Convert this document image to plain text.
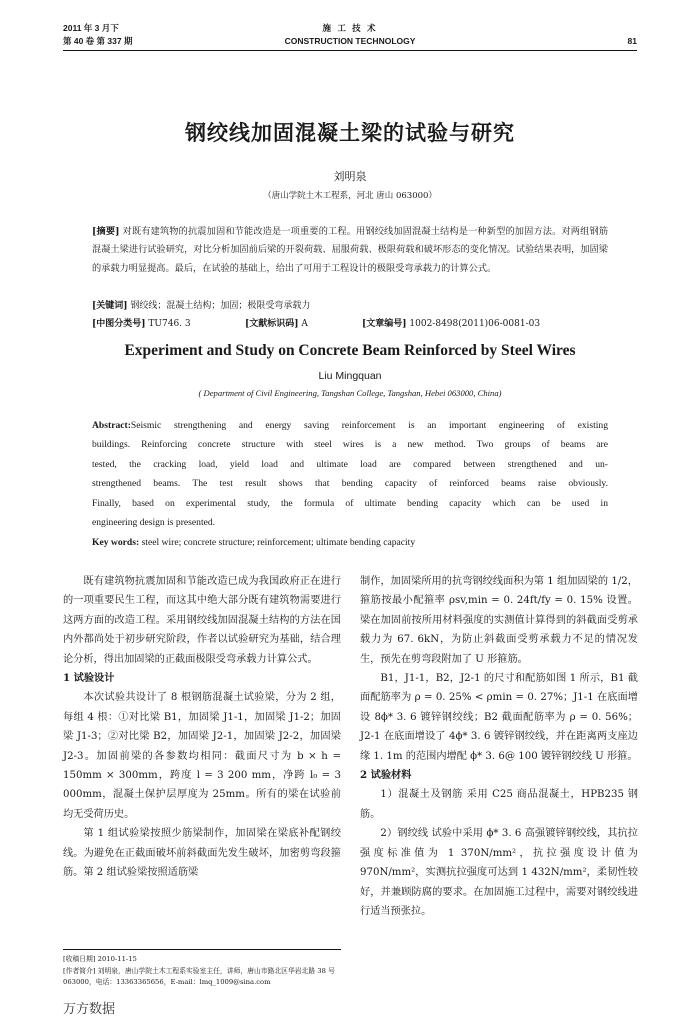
2011 年 3 月下
第 40 卷 第 337 期
施 工 技 术
CONSTRUCTION TECHNOLOGY	81
钢绞线加固混凝土梁的试验与研究
刘明泉
（唐山学院土木工程系，河北 唐山 063000）
[摘要] 对既有建筑物的抗震加固和节能改造是一项重要的工程。用钢绞线加固混凝土结构是一种新型的加固方法。对两组钢筋混凝土梁进行试验研究，对比分析加固前后梁的开裂荷载、屈服荷载、极限荷载和破坏形态的变化情况。试验结果表明，加固梁的承载力明显提高。最后，在试验的基础上，给出了可用于工程设计的极限受弯承载力的计算公式。
[关键词] 钢绞线；混凝土结构；加固；极限受弯承载力
[中图分类号] TU746. 3	[文献标识码] A	[文章编号] 1002-8498(2011)06-0081-03
Experiment and Study on Concrete Beam Reinforced by Steel Wires
Liu Mingquan
( Department of Civil Engineering, Tangshan College, Tangshan, Hebei 063000, China)
Abstract:Seismic strengthening and energy saving reinforcement is an important engineering of existing
buildings. Reinforcing concrete structure with steel wires is a new method. Two groups of beams are
tested, the cracking load, yield load and ultimate load are compared between strengthened and un-
strengthened beams. The test result shows that bending capacity of reinforced beams raise obviously.
Finally, based on experimental study, the formula of ultimate bending capacity which can be used in
engineering design is presented.
Key words: steel wire; concrete structure; reinforcement; ultimate bending capacity

既有建筑物抗震加固和节能改造已成为我国政府正在进行的一项重要民生工程，而这其中绝大部分既有建筑物需要进行这两方面的改造工程。采用钢绞线加固混凝土结构的方法在国内外都尚处于初步研究阶段，作者以试验研究为基础，结合理论分析，得出加固梁的正截面极限受弯承载力计算公式。

1 试验设计

本次试验共设计了 8 根钢筋混凝土试验梁，分为 2 组，每组 4 根：①对比梁 B1，加固梁 J1-1，加固梁 J1-2；加固梁 J1-3；②对比梁 B2，加固梁 J2-1，加固梁 J2-2，加固梁 J2-3。加固前梁的各参数均相同：截面尺寸为 b × h = 150mm × 300mm，跨度 l = 3 200 mm，净跨 l₀ = 3 000mm，混凝土保护层厚度为 25mm。所有的梁在试验前均无受荷历史。

第 1 组试验梁按照少筋梁制作，加固梁在梁底补配钢绞线。为避免在正截面破坏前斜截面先发生破坏，加密剪弯段箍筋。第 2 组试验梁按照适筋梁

[收稿日期] 2010-11-15
[作者简介] 刘明泉，唐山学院土木工程系实验室主任，讲师，唐山市路北区华岩北路 38 号 063000，电话：13363365656，E-mail：lmq_1009@sina.com

制作，加固梁所用的抗弯钢绞线面积为第 1 组加固梁的 1/2，箍筋按最小配箍率 ρsv,min = 0. 24ft/fy = 0. 15% 设置。梁在加固前按所用材料强度的实测值计算得到的斜截面受剪承载力为 67. 6kN，为防止斜截面受剪承载力不足的情况发生，预先在剪弯段附加了 U 形箍筋。

B1，J1-1，B2，J2-1 的尺寸和配筋如图 1 所示，B1 截面配筋率为 ρ = 0. 25% < ρmin = 0. 27%；J1-1 在底面增设 8ϕ* 3. 6 镀锌钢绞线；B2 截面配筋率为 ρ = 0. 56%；J2-1 在底面增设了 4ϕ* 3. 6 镀锌钢绞线，并在距离两支座边缘 1. 1m 的范围内增配 ϕ* 3. 6@ 100 镀锌钢绞线 U 形箍。

2 试验材料

1）混凝土及钢筋 采用 C25 商品混凝土，HPB235 钢筋。

2）钢绞线 试验中采用 ϕ* 3. 6 高强镀锌钢绞线，其抗拉强度标准值为 1 370N/mm²，抗拉强度设计值为 970N/mm²，实测抗拉强度可达到 1 432N/mm²，柔韧性较好，并兼顾防腐的要求。在加固施工过程中，需要对钢绞线进行适当预张拉。

万方数据
